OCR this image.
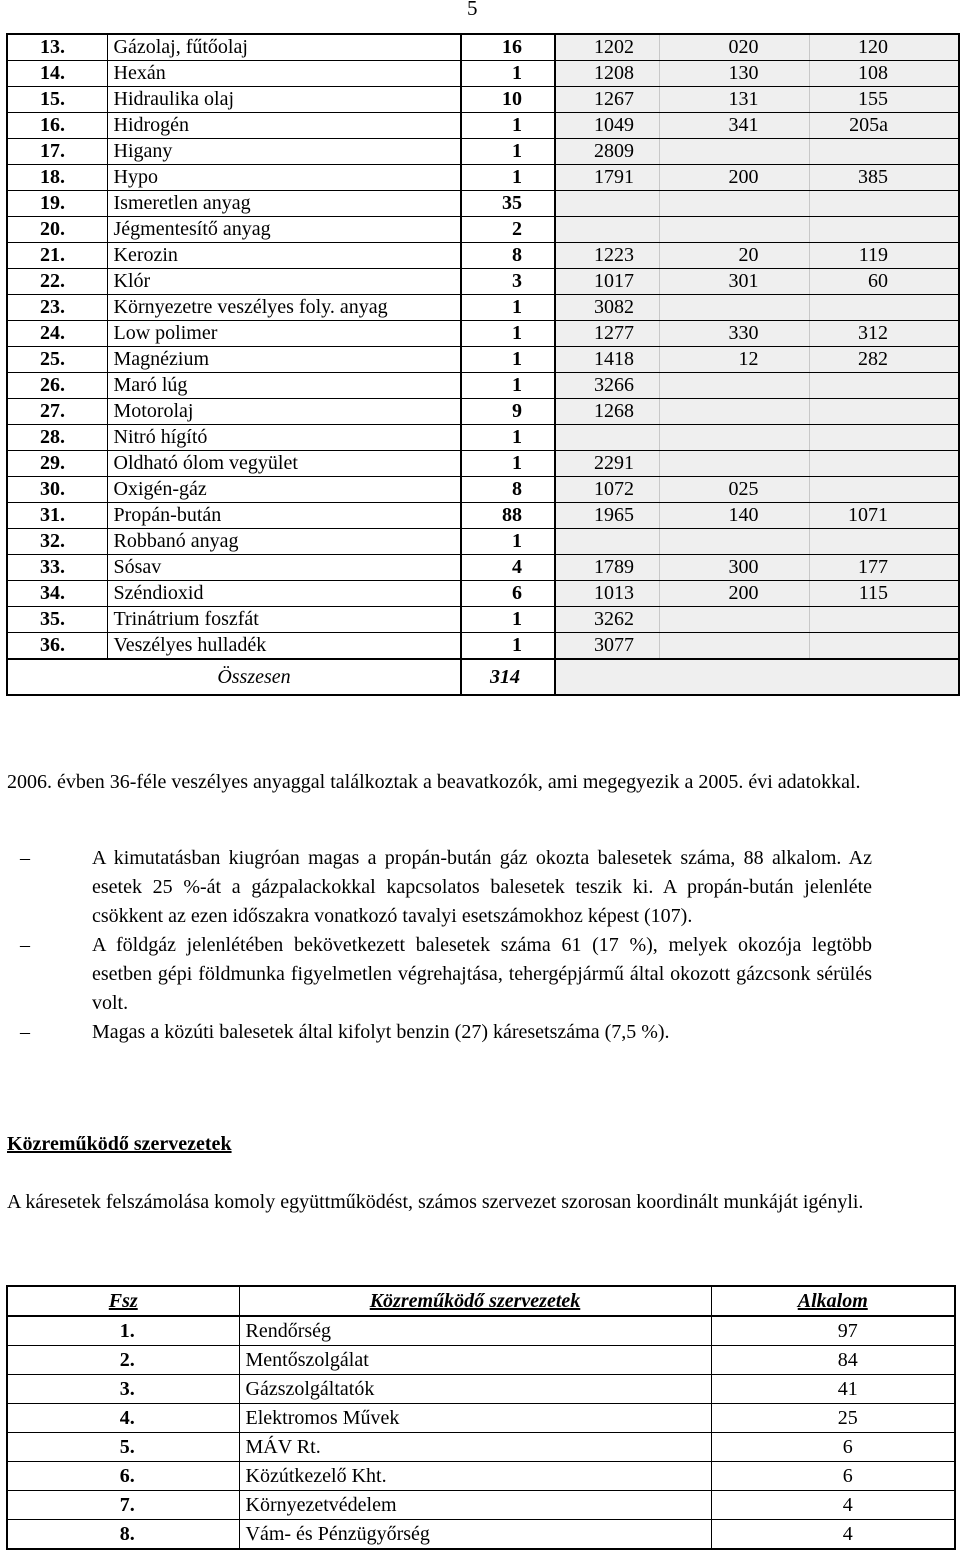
5
13.	Gázolaj, fűtőolaj	16	1202	020	120
14.	Hexán	1	1208	130	108
15.	Hidraulika olaj	10	1267	131	155
16.	Hidrogén	1	1049	341	205a
17.	Higany	1	2809		
18.	Hypo	1	1791	200	385
19.	Ismeretlen anyag	35			
20.	Jégmentesítő anyag	2			
21.	Kerozin	8	1223	20	119
22.	Klór	3	1017	301	60
23.	Környezetre veszélyes foly. anyag	1	3082		
24.	Low polimer	1	1277	330	312
25.	Magnézium	1	1418	12	282
26.	Maró lúg	1	3266		
27.	Motorolaj	9	1268		
28.	Nitró hígító	1			
29.	Oldható ólom vegyület	1	2291		
30.	Oxigén-gáz	8	1072	025	
31.	Propán-bután	88	1965	140	1071
32.	Robbanó anyag	1			
33.	Sósav	4	1789	300	177
34.	Széndioxid	6	1013	200	115
35.	Trinátrium foszfát	1	3262		
36.	Veszélyes hulladék	1	3077		
Összesen		314			
2006. évben 36-féle veszélyes anyaggal találkoztak a beavatkozók, ami megegyezik a 2005. évi adatokkal.
–	A kimutatásban kiugróan magas a propán-bután gáz okozta balesetek száma, 88 alkalom. Az esetek 25 %-át a gázpalackokkal kapcsolatos balesetek teszik ki. A propán-bután jelenléte csökkent az ezen időszakra vonatkozó tavalyi esetszámokhoz képest (107).
–	A földgáz jelenlétében bekövetkezett balesetek száma 61 (17 %), melyek okozója legtöbb esetben gépi földmunka figyelmetlen végrehajtása, tehergépjármű által okozott gázcsonk sérülés volt.
–	Magas a közúti balesetek által kifolyt benzin (27) káresetszáma (7,5 %).
Közreműködő szervezetek
A káresetek felszámolása komoly együttműködést, számos szervezet szorosan koordinált munkáját igényli.
Fsz	Közreműködő szervezetek	Alkalom
1.	Rendőrség	97
2.	Mentőszolgálat	84
3.	Gázszolgáltatók	41
4.	Elektromos Művek	25
5.	MÁV Rt.	6
6.	Közútkezelő Kht.	6
7.	Környezetvédelem	4
8.	Vám- és Pénzügyőrség	4
